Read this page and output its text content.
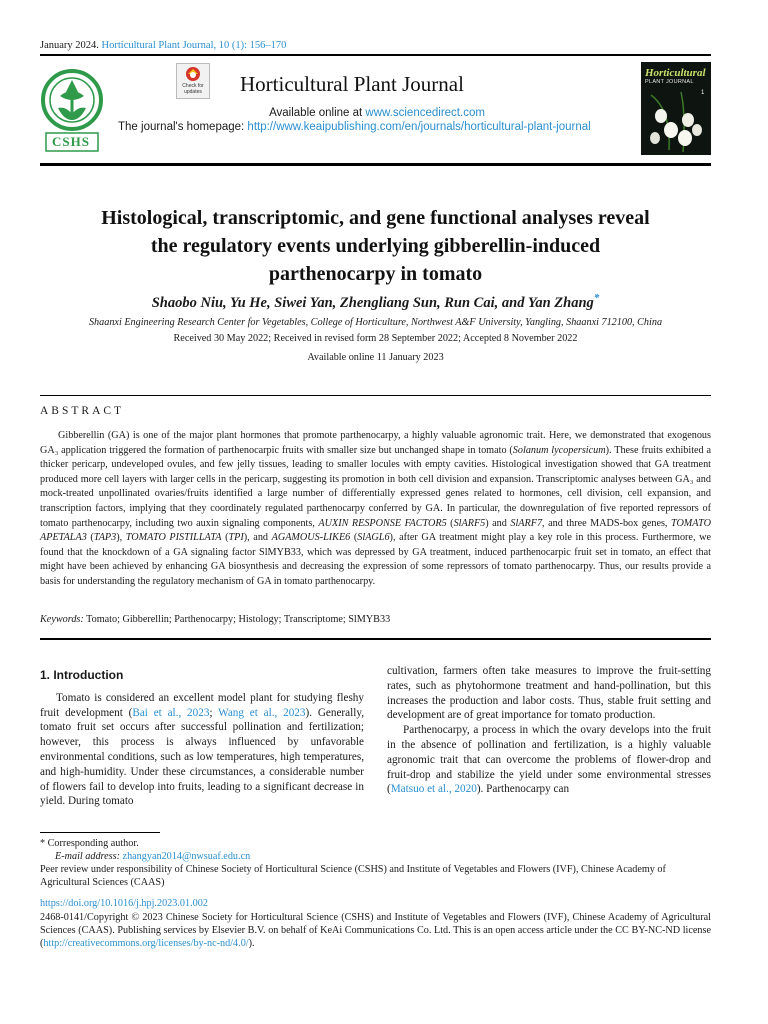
January 2024. Horticultural Plant Journal, 10 (1): 156–170
CSHS
Check for updates Horticultural Plant Journal
Available online at www.sciencedirect.com
The journal's homepage: http://www.keaipublishing.com/en/journals/horticultural-plant-journal
Horticultural
PLANT JOURNAL
1
Histological, transcriptomic, and gene functional analyses reveal
the regulatory events underlying gibberellin-induced
parthenocarpy in tomato
Shaobo Niu, Yu He, Siwei Yan, Zhengliang Sun, Run Cai, and Yan Zhang*
Shaanxi Engineering Research Center for Vegetables, College of Horticulture, Northwest A&F University, Yangling, Shaanxi 712100, China
Received 30 May 2022; Received in revised form 28 September 2022; Accepted 8 November 2022
Available online 11 January 2023
ABSTRACT
Gibberellin (GA) is one of the major plant hormones that promote parthenocarpy, a highly valuable agronomic trait. Here, we demonstrated that exogenous GA₃ application triggered the formation of parthenocarpic fruits with smaller size but unchanged shape in tomato (Solanum lycopersicum). These fruits exhibited a thicker pericarp, undeveloped ovules, and few jelly tissues, leading to smaller locules with empty cavities. Histological investigation showed that GA treatment produced more cell layers with larger cells in the pericarp, suggesting its promotion in both cell division and expansion. Transcriptomic analyses between GA₃ and mock-treated unpollinated ovaries/fruits identified a large number of differentially expressed genes related to hormones, cell division, cell expansion, and transcription factors, implying that they coordinately regulated parthenocarpy conferred by GA. In particular, the downregulation of five reported repressors of tomato parthenocarpy, including two auxin signaling components, AUXIN RESPONSE FACTOR5 (SlARF5) and SlARF7, and three MADS-box genes, TOMATO APETALA3 (TAP3), TOMATO PISTILLATA (TPI), and AGAMOUS-LIKE6 (SlAGL6), after GA treatment might play a key role in this process. Furthermore, we found that the knockdown of a GA signaling factor SlMYB33, which was depressed by GA treatment, induced parthenocarpic fruit set in tomato, an effect that might have been achieved by enhancing GA biosynthesis and decreasing the expression of some repressors of tomato parthenocarpy. Thus, our results provide a basis for understanding the regulatory mechanism of GA in tomato parthenocarpy.
Keywords: Tomato; Gibberellin; Parthenocarpy; Histology; Transcriptome; SlMYB33
1. Introduction

Tomato is considered an excellent model plant for studying fleshy fruit development (Bai et al., 2023; Wang et al., 2023). Generally, tomato fruit set occurs after successful pollination and fertilization; however, this process is always influenced by unfavorable environmental conditions, such as low temperatures, high temperatures, and high-humidity. Under these circumstances, a considerable number of flowers fail to develop into fruits, leading to a significant decrease in yield. During tomato

cultivation, farmers often take measures to improve the fruit-setting rates, such as phytohormone treatment and hand-pollination, but this increases the production and labor costs. Thus, stable fruit setting and development are of great importance for tomato production.

Parthenocarpy, a process in which the ovary develops into the fruit in the absence of pollination and fertilization, is a highly valuable agronomic trait that can overcome the problems of flower-drop and fruit-drop and stabilize the yield under some environmental stresses (Matsuo et al., 2020). Parthenocarpy can

* Corresponding author.
E-mail address: zhangyan2014@nwsuaf.edu.cn
Peer review under responsibility of Chinese Society of Horticultural Science (CSHS) and Institute of Vegetables and Flowers (IVF), Chinese Academy of Agricultural Sciences (CAAS)
https://doi.org/10.1016/j.hpj.2023.01.002
2468-0141/Copyright © 2023 Chinese Society for Horticultural Science (CSHS) and Institute of Vegetables and Flowers (IVF), Chinese Academy of Agricultural Sciences (CAAS). Publishing services by Elsevier B.V. on behalf of KeAi Communications Co. Ltd. This is an open access article under the CC BY-NC-ND license (http://creativecommons.org/licenses/by-nc-nd/4.0/).
